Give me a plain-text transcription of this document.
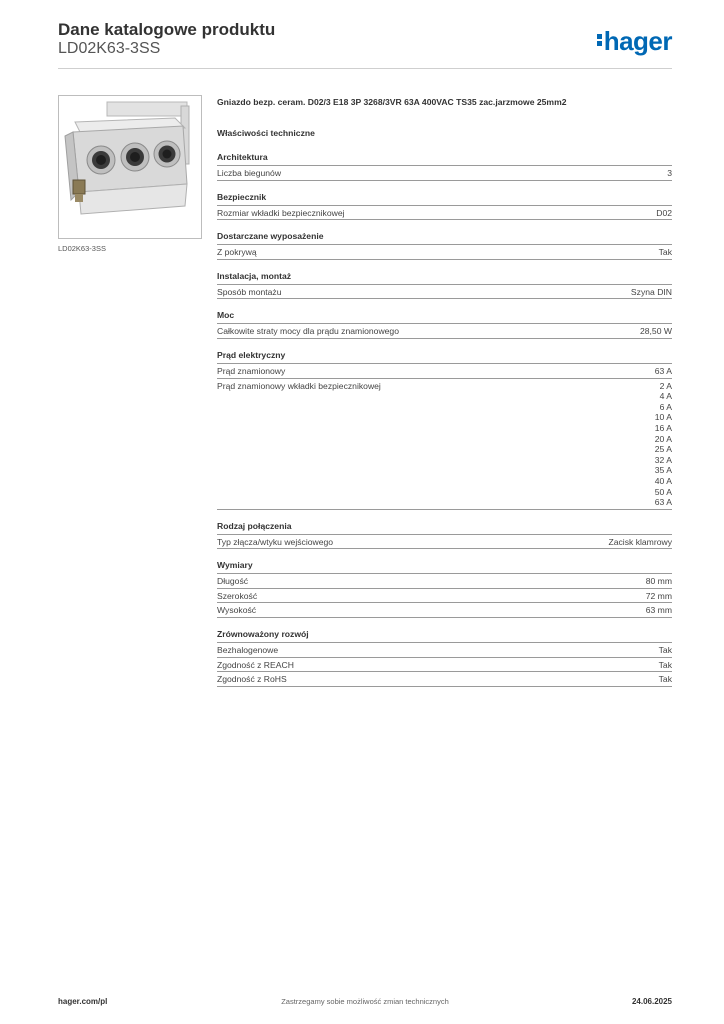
Dane katalogowe produktu
LD02K63-3SS	hager
LD02K63-3SS
Gniazdo bezp. ceram. D02/3 E18 3P 3268/3VR 63A 400VAC TS35 zac.jarzmowe 25mm2
Właściwości techniczne
Architektura
Liczba biegunów	3
Bezpiecznik
Rozmiar wkładki bezpiecznikowej	D02
Dostarczane wyposażenie
Z pokrywą	Tak
Instalacja, montaż
Sposób montażu	Szyna DIN
Moc
Całkowite straty mocy dla prądu znamionowego	28,50 W
Prąd elektryczny
Prąd znamionowy	63 A
Prąd znamionowy wkładki bezpiecznikowej	2 A
4 A
6 A
10 A
16 A
20 A
25 A
32 A
35 A
40 A
50 A
63 A
Rodzaj połączenia
Typ złącza/wtyku wejściowego	Zacisk klamrowy
Wymiary
Długość	80 mm
Szerokość	72 mm
Wysokość	63 mm
Zrównoważony rozwój
Bezhalogenowe	Tak
Zgodność z REACH	Tak
Zgodność z RoHS	Tak
hager.com/pl	Zastrzegamy sobie możliwość zmian technicznych	24.06.2025
